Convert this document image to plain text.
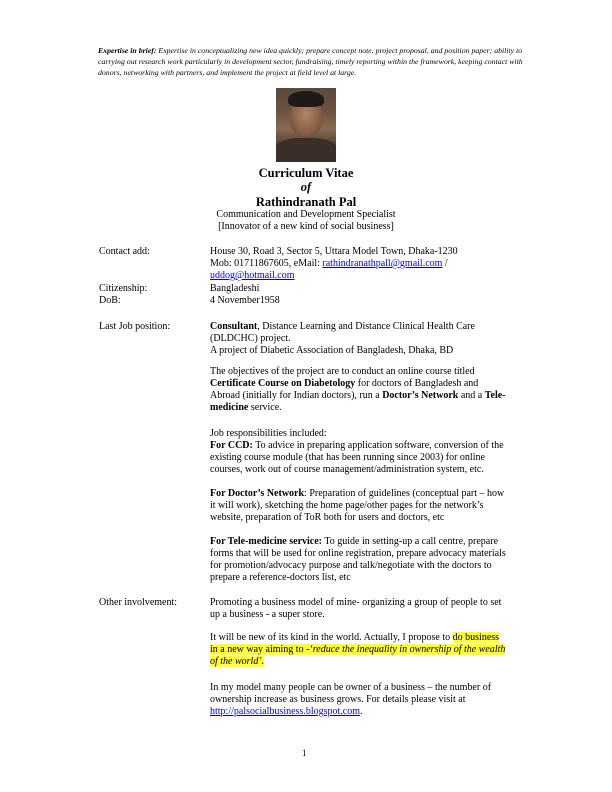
Expertise in brief: Expertise in conceptualizing new idea quickly; prepare concept note, project proposal, and position paper; ability to carrying out research work particularly in development sector, fundraising, timely reporting within the framework, keeping contact with donors, networking with partners, and implement the project at field level at large.
Curriculum Vitae
of
Rathindranath Pal
Communication and Development Specialist
[Innovator of a new kind of social business]
Contact add:	House 30, Road 3, Sector 5, Uttara Model Town, Dhaka-1230
Mob: 01711867605, eMail: rathindranathpall@gmail.com /
uddog@hotmail.com
Citizenship:	Bangladeshi
DoB:	4 November1958
Last Job position:	Consultant, Distance Learning and Distance Clinical Health Care
(DLDCHC) project.
A project of Diabetic Association of Bangladesh, Dhaka, BD
The objectives of the project are to conduct an online course titled
Certificate Course on Diabetology for doctors of Bangladesh and
Abroad (initially for Indian doctors), run a Doctor’s Network and a Tele-
medicine service.
Job responsibilities included:
For CCD: To advice in preparing application software, conversion of the
existing course module (that has been running since 2003) for online
courses, work out of course management/administration system, etc.
For Doctor’s Network: Preparation of guidelines (conceptual part – how
it will work), sketching the home page/other pages for the network’s
website, preparation of ToR both for users and doctors, etc
For Tele-medicine service: To guide in setting-up a call centre, prepare
forms that will be used for online registration, prepare advocacy materials
for promotion/advocacy purpose and talk/negotiate with the doctors to
prepare a reference-doctors list, etc
Other involvement:	Promoting a business model of mine- organizing a group of people to set
up a business - a super store.
It will be new of its kind in the world. Actually, I propose to do business
in a new way aiming to -‘reduce the inequality in ownership of the wealth
of the world’.
In my model many people can be owner of a business – the number of
ownership increase as business grows. For details please visit at
http://palsocialbusiness.blogspot.com.
1
